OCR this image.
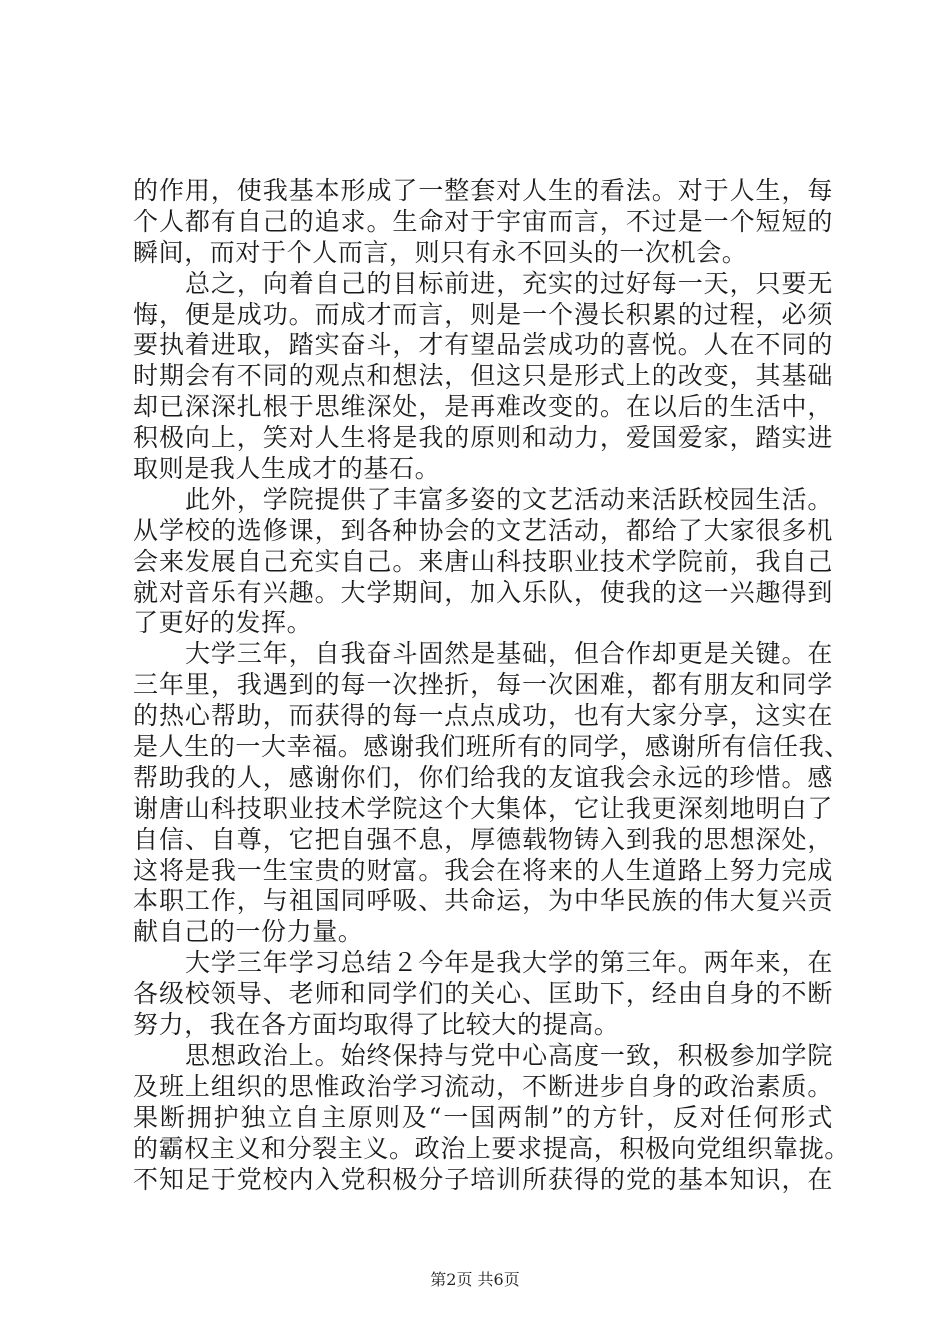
的作用，使我基本形成了一整套对人生的看法。对于人生，每
个人都有自己的追求。生命对于宇宙而言，不过是一个短短的
瞬间，而对于个人而言，则只有永不回头的一次机会。
总之，向着自己的目标前进，充实的过好每一天，只要无
悔，便是成功。而成才而言，则是一个漫长积累的过程，必须
要执着进取，踏实奋斗，才有望品尝成功的喜悦。人在不同的
时期会有不同的观点和想法，但这只是形式上的改变，其基础
却已深深扎根于思维深处，是再难改变的。在以后的生活中，
积极向上，笑对人生将是我的原则和动力，爱国爱家，踏实进
取则是我人生成才的基石。
此外，学院提供了丰富多姿的文艺活动来活跃校园生活。
从学校的选修课，到各种协会的文艺活动，都给了大家很多机
会来发展自己充实自己。来唐山科技职业技术学院前，我自己
就对音乐有兴趣。大学期间，加入乐队，使我的这一兴趣得到
了更好的发挥。
大学三年，自我奋斗固然是基础，但合作却更是关键。在
三年里，我遇到的每一次挫折，每一次困难，都有朋友和同学
的热心帮助，而获得的每一点点成功，也有大家分享，这实在
是人生的一大幸福。感谢我们班所有的同学，感谢所有信任我、
帮助我的人，感谢你们，你们给我的友谊我会永远的珍惜。感
谢唐山科技职业技术学院这个大集体，它让我更深刻地明白了
自信、自尊，它把自强不息，厚德载物铸入到我的思想深处，
这将是我一生宝贵的财富。我会在将来的人生道路上努力完成
本职工作，与祖国同呼吸、共命运，为中华民族的伟大复兴贡
献自己的一份力量。
大学三年学习总结２今年是我大学的第三年。两年来，在
各级校领导、老师和同学们的关心、匡助下，经由自身的不断
努力，我在各方面均取得了比较大的提高。
思想政治上。始终保持与党中心高度一致，积极参加学院
及班上组织的思惟政治学习流动，不断进步自身的政治素质。
果断拥护独立自主原则及“一国两制”的方针，反对任何形式
的霸权主义和分裂主义。政治上要求提高，积极向党组织靠拢。
不知足于党校内入党积极分子培训所获得的党的基本知识，在
第2页 共6页
